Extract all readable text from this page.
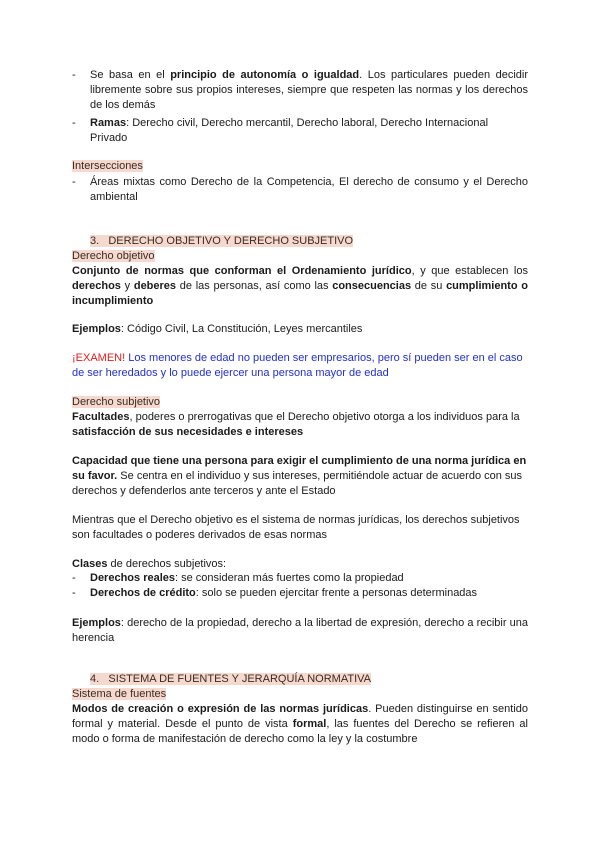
-	Se basa en el principio de autonomía o igualdad. Los particulares pueden decidir libremente sobre sus propios intereses, siempre que respeten las normas y los derechos de los demás
-	Ramas: Derecho civil, Derecho mercantil, Derecho laboral, Derecho Internacional Privado
Intersecciones
-	Áreas mixtas como Derecho de la Competencia, El derecho de consumo y el Derecho ambiental
3. DERECHO OBJETIVO Y DERECHO SUBJETIVO
Derecho objetivo
Conjunto de normas que conforman el Ordenamiento jurídico, y que establecen los derechos y deberes de las personas, así como las consecuencias de su cumplimiento o incumplimiento
Ejemplos: Código Civil, La Constitución, Leyes mercantiles
¡EXAMEN! Los menores de edad no pueden ser empresarios, pero sí pueden ser en el caso de ser heredados y lo puede ejercer una persona mayor de edad
Derecho subjetivo
Facultades, poderes o prerrogativas que el Derecho objetivo otorga a los individuos para la satisfacción de sus necesidades e intereses
Capacidad que tiene una persona para exigir el cumplimiento de una norma jurídica en su favor. Se centra en el individuo y sus intereses, permitiéndole actuar de acuerdo con sus derechos y defenderlos ante terceros y ante el Estado
Mientras que el Derecho objetivo es el sistema de normas jurídicas, los derechos subjetivos son facultades o poderes derivados de esas normas
Clases de derechos subjetivos:
-	Derechos reales: se consideran más fuertes como la propiedad
-	Derechos de crédito: solo se pueden ejercitar frente a personas determinadas
Ejemplos: derecho de la propiedad, derecho a la libertad de expresión, derecho a recibir una herencia
4. SISTEMA DE FUENTES Y JERARQUÍA NORMATIVA
Sistema de fuentes
Modos de creación o expresión de las normas jurídicas. Pueden distinguirse en sentido formal y material. Desde el punto de vista formal, las fuentes del Derecho se refieren al modo o forma de manifestación de derecho como la ley y la costumbre
